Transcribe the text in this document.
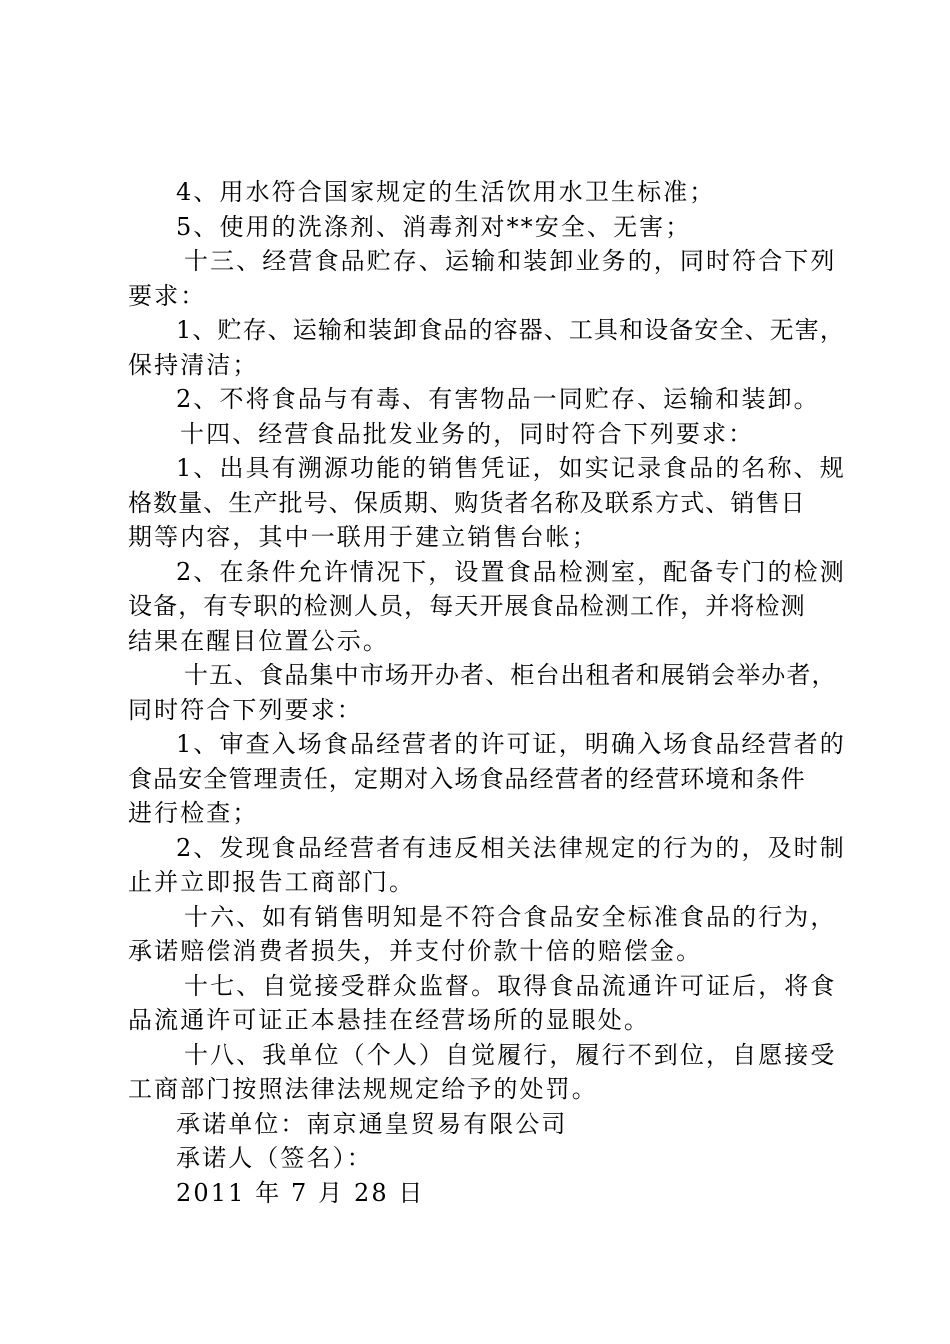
4、用水符合国家规定的生活饮用水卫生标准；
5、使用的洗涤剂、消毒剂对**安全、无害；
十三、经营食品贮存、运输和装卸业务的，同时符合下列
要求：
1、贮存、运输和装卸食品的容器、工具和设备安全、无害，
保持清洁；
2、不将食品与有毒、有害物品一同贮存、运输和装卸。
十四、经营食品批发业务的，同时符合下列要求：
1、出具有溯源功能的销售凭证，如实记录食品的名称、规
格数量、生产批号、保质期、购货者名称及联系方式、销售日
期等内容，其中一联用于建立销售台帐；
2、在条件允许情况下，设置食品检测室，配备专门的检测
设备，有专职的检测人员，每天开展食品检测工作，并将检测
结果在醒目位置公示。
十五、食品集中市场开办者、柜台出租者和展销会举办者，
同时符合下列要求：
1、审查入场食品经营者的许可证，明确入场食品经营者的
食品安全管理责任，定期对入场食品经营者的经营环境和条件
进行检查；
2、发现食品经营者有违反相关法律规定的行为的，及时制
止并立即报告工商部门。
十六、如有销售明知是不符合食品安全标准食品的行为，
承诺赔偿消费者损失，并支付价款十倍的赔偿金。
十七、自觉接受群众监督。取得食品流通许可证后，将食
品流通许可证正本悬挂在经营场所的显眼处。
十八、我单位（个人）自觉履行，履行不到位，自愿接受
工商部门按照法律法规规定给予的处罚。
承诺单位：南京通皇贸易有限公司
承诺人（签名）：
2011 年 7 月 28 日
